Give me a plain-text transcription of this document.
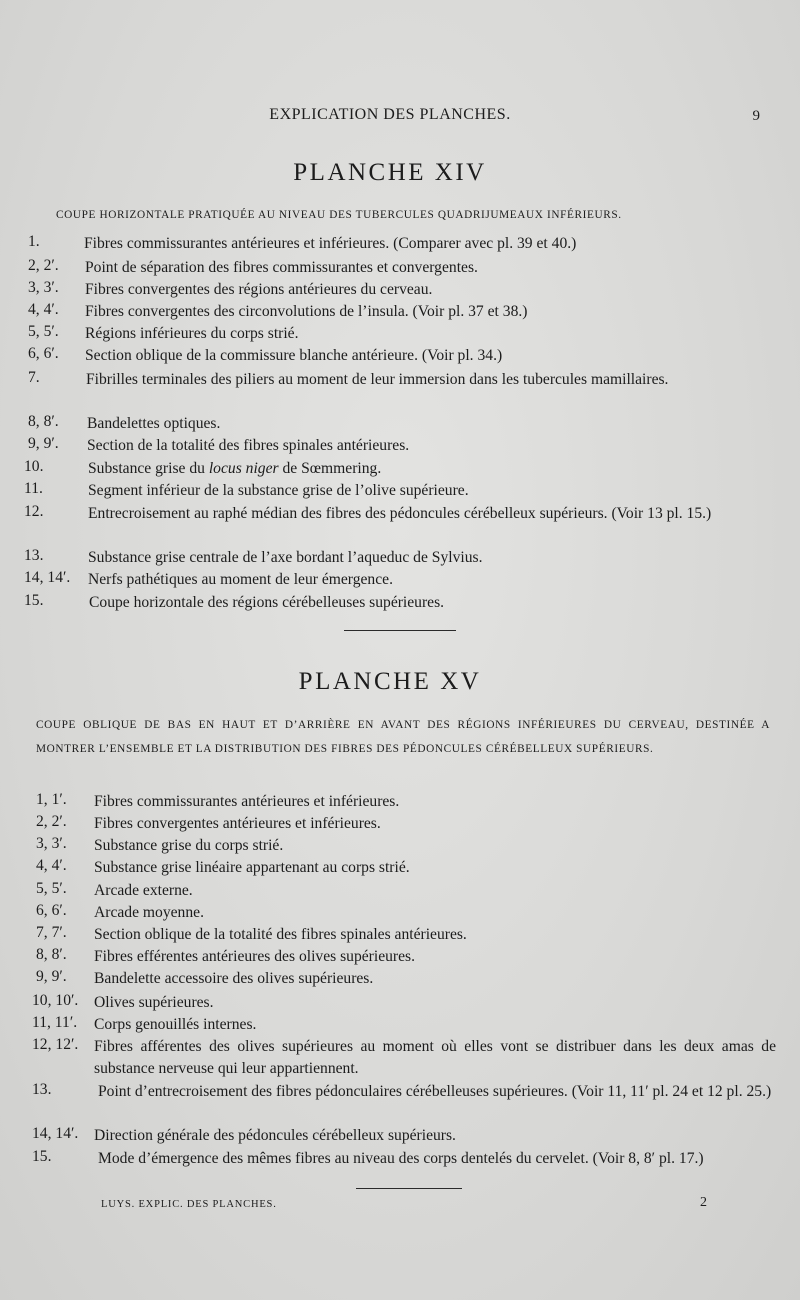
EXPLICATION DES PLANCHES.	9
PLANCHE XIV
COUPE HORIZONTALE PRATIQUÉE AU NIVEAU DES TUBERCULES QUADRIJUMEAUX INFÉRIEURS.
1.	Fibres commissurantes antérieures et inférieures. (Comparer avec pl. 39 et 40.)
2, 2′. Point de séparation des fibres commissurantes et convergentes.
3, 3′. Fibres convergentes des régions antérieures du cerveau.
4, 4′. Fibres convergentes des circonvolutions de l’insula. (Voir pl. 37 et 38.)
5, 5′. Régions inférieures du corps strié.
6, 6′. Section oblique de la commissure blanche antérieure. (Voir pl. 34.)
7.	Fibrilles terminales des piliers au moment de leur immersion dans les tubercules mamillaires.
8, 8′. Bandelettes optiques.
9, 9′. Section de la totalité des fibres spinales antérieures.
10.	Substance grise du locus niger de Sœmmering.
11.	Segment inférieur de la substance grise de l’olive supérieure.
12.	Entrecroisement au raphé médian des fibres des pédoncules cérébelleux supérieurs. (Voir 13 pl. 15.)
13.	Substance grise centrale de l’axe bordant l’aqueduc de Sylvius.
14, 14′. Nerfs pathétiques au moment de leur émergence.
15.	Coupe horizontale des régions cérébelleuses supérieures.
PLANCHE XV
COUPE OBLIQUE DE BAS EN HAUT ET D’ARRIÈRE EN AVANT DES RÉGIONS INFÉRIEURES DU CERVEAU, DESTINÉE A MONTRER L’ENSEMBLE ET LA DISTRIBUTION DES FIBRES DES PÉDONCULES CÉRÉBELLEUX SUPÉRIEURS.
1, 1′. Fibres commissurantes antérieures et inférieures.
2, 2′. Fibres convergentes antérieures et inférieures.
3, 3′. Substance grise du corps strié.
4, 4′. Substance grise linéaire appartenant au corps strié.
5, 5′. Arcade externe.
6, 6′. Arcade moyenne.
7, 7′. Section oblique de la totalité des fibres spinales antérieures.
8, 8′. Fibres efférentes antérieures des olives supérieures.
9, 9′. Bandelette accessoire des olives supérieures.
10, 10′. Olives supérieures.
11, 11′. Corps genouillés internes.
12, 12′. Fibres afférentes des olives supérieures au moment où elles vont se distribuer dans les deux amas de substance nerveuse qui leur appartiennent.
13.	Point d’entrecroisement des fibres pédonculaires cérébelleuses supérieures. (Voir 11, 11′ pl. 24 et 12 pl. 25.)
14, 14′. Direction générale des pédoncules cérébelleux supérieurs.
15.	Mode d’émergence des mêmes fibres au niveau des corps dentelés du cervelet. (Voir 8, 8′ pl. 17.)
LUYS. EXPLIC. DES PLANCHES.	2
